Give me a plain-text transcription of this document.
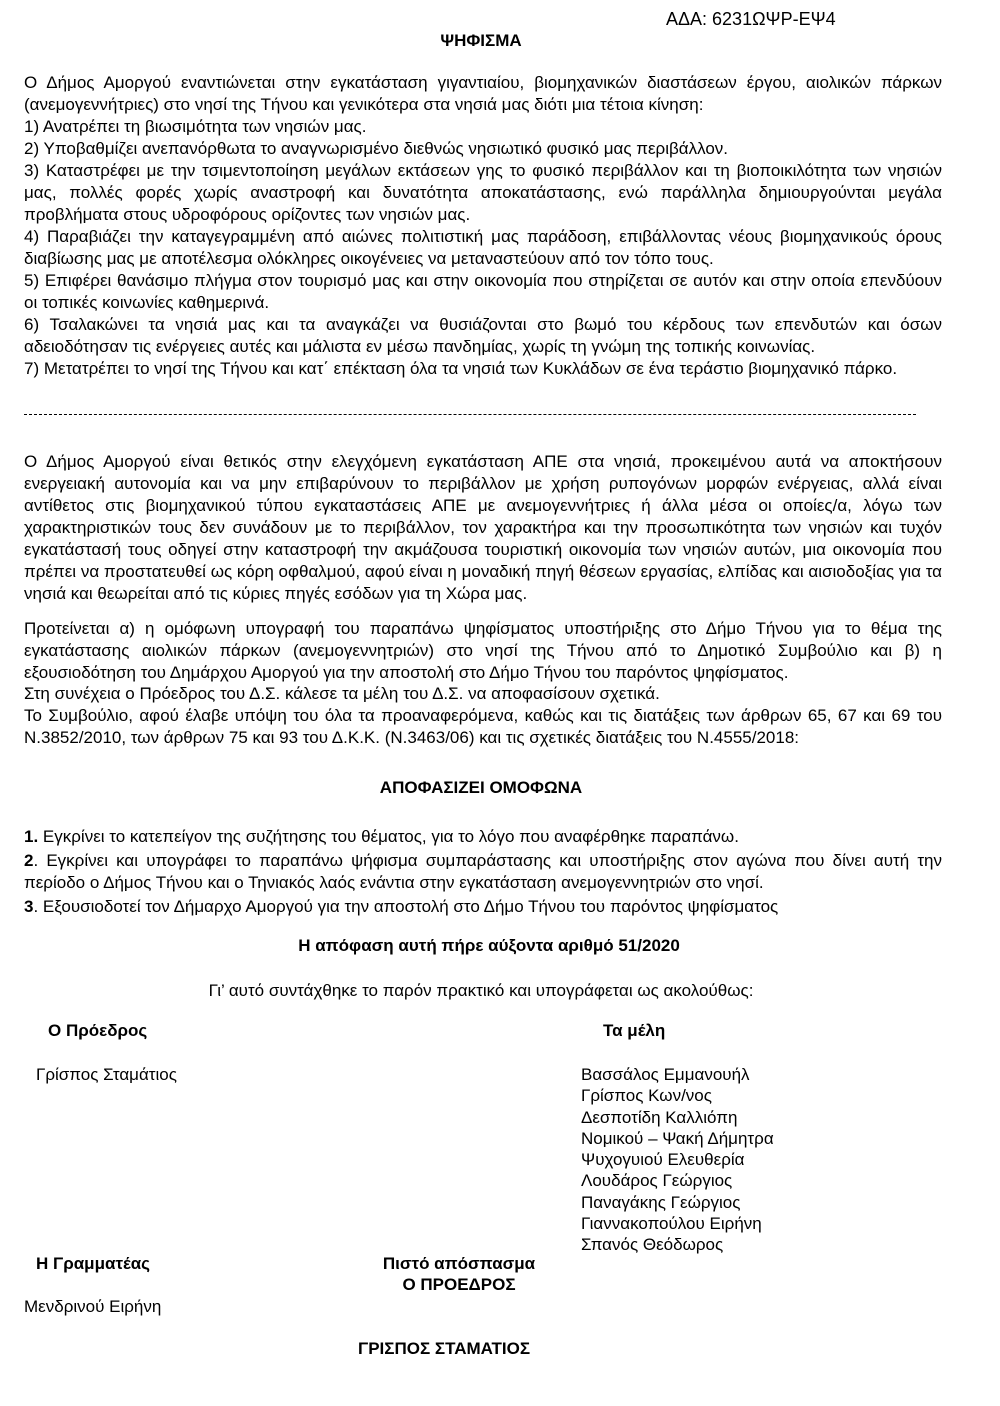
ΑΔΑ: 6231ΩΨΡ-ΕΨ4
ΨΗΦΙΣΜΑ
Ο Δήμος Αμοργού εναντιώνεται στην εγκατάσταση γιγαντιαίου, βιομηχανικών διαστάσεων έργου, αιολικών πάρκων (ανεμογεννήτριες) στο νησί της Τήνου και γενικότερα στα νησιά μας διότι μια τέτοια κίνηση:
1) Ανατρέπει τη βιωσιμότητα των νησιών μας.
2) Υποβαθμίζει ανεπανόρθωτα το αναγνωρισμένο διεθνώς νησιωτικό φυσικό μας περιβάλλον.
3) Καταστρέφει με την τσιμεντοποίηση μεγάλων εκτάσεων γης το φυσικό περιβάλλον και τη βιοποικιλότητα των νησιών μας, πολλές φορές χωρίς αναστροφή και δυνατότητα αποκατάστασης, ενώ παράλληλα δημιουργούνται μεγάλα προβλήματα στους υδροφόρους ορίζοντες των νησιών μας.
4) Παραβιάζει την καταγεγραμμένη από αιώνες πολιτιστική μας παράδοση, επιβάλλοντας νέους βιομηχανικούς όρους διαβίωσης μας με αποτέλεσμα ολόκληρες οικογένειες να μεταναστεύουν από τον τόπο τους.
5) Επιφέρει θανάσιμο πλήγμα στον τουρισμό μας και στην οικονομία που στηρίζεται σε αυτόν και στην οποία επενδύουν οι τοπικές κοινωνίες καθημερινά.
6) Τσαλακώνει τα νησιά μας και τα αναγκάζει να θυσιάζονται στο βωμό του κέρδους των επενδυτών και όσων αδειοδότησαν τις ενέργειες αυτές και μάλιστα εν μέσω πανδημίας, χωρίς τη γνώμη της τοπικής κοινωνίας.
7) Μετατρέπει το νησί της Τήνου και κατ΄ επέκταση όλα τα νησιά των Κυκλάδων σε ένα τεράστιο βιομηχανικό πάρκο.
Ο Δήμος Αμοργού είναι θετικός στην ελεγχόμενη εγκατάσταση ΑΠΕ στα νησιά, προκειμένου αυτά να αποκτήσουν ενεργειακή αυτονομία και να μην επιβαρύνουν το περιβάλλον με χρήση ρυπογόνων μορφών ενέργειας, αλλά είναι αντίθετος στις βιομηχανικού τύπου εγκαταστάσεις ΑΠΕ με ανεμογεννήτριες ή άλλα μέσα οι οποίες/α, λόγω των χαρακτηριστικών τους δεν συνάδουν με το περιβάλλον, τον χαρακτήρα και την προσωπικότητα των νησιών και τυχόν εγκατάστασή τους οδηγεί στην καταστροφή την ακμάζουσα τουριστική οικονομία των νησιών αυτών, μια οικονομία που πρέπει να προστατευθεί ως κόρη οφθαλμού, αφού είναι η μοναδική πηγή θέσεων εργασίας, ελπίδας και αισιοδοξίας για τα νησιά και θεωρείται από τις κύριες πηγές εσόδων για τη Χώρα μας.
Προτείνεται α) η ομόφωνη υπογραφή του παραπάνω ψηφίσματος υποστήριξης στο Δήμο Τήνου για το θέμα της εγκατάστασης αιολικών πάρκων (ανεμογεννητριών) στο νησί της Τήνου από το Δημοτικό Συμβούλιο και β) η εξουσιοδότηση του Δημάρχου Αμοργού για την αποστολή στο Δήμο Τήνου του παρόντος ψηφίσματος.
Στη συνέχεια ο Πρόεδρος του Δ.Σ. κάλεσε τα μέλη του Δ.Σ. να αποφασίσουν σχετικά.
Το Συμβούλιο, αφού έλαβε υπόψη του όλα τα προαναφερόμενα, καθώς και τις διατάξεις των άρθρων 65, 67 και 69 του Ν.3852/2010, των άρθρων 75 και 93 του Δ.Κ.Κ. (Ν.3463/06) και τις σχετικές διατάξεις του Ν.4555/2018:
ΑΠΟΦΑΣΙΖΕΙ ΟΜΟΦΩΝΑ
1. Εγκρίνει το κατεπείγον της συζήτησης του θέματος, για το λόγο που αναφέρθηκε παραπάνω.
2. Εγκρίνει και υπογράφει το παραπάνω ψήφισμα συμπαράστασης και υποστήριξης στον αγώνα που δίνει αυτή την περίοδο ο Δήμος Τήνου και ο Τηνιακός λαός ενάντια στην εγκατάσταση ανεμογεννητριών στο νησί.
3. Εξουσιοδοτεί τον Δήμαρχο Αμοργού για την αποστολή στο Δήμο Τήνου του παρόντος ψηφίσματος
Η απόφαση αυτή πήρε αύξοντα αριθμό 51/2020
Γι’ αυτό συντάχθηκε το παρόν πρακτικό και υπογράφεται ως ακολούθως:
Ο Πρόεδρος	Τα μέλη
Γρίσπος Σταμάτιος	Βασσάλος Εμμανουήλ
Γρίσπος Κων/νος
Δεσποτίδη Καλλιόπη
Νομικού – Ψακή Δήμητρα
Ψυχογυιού Ελευθερία
Λουδάρος Γεώργιος
Παναγάκης Γεώργιος
Γιαννακοπούλου Ειρήνη
Σπανός Θεόδωρος
Η Γραμματέας	Πιστό απόσπασμα
Ο ΠΡΟΕΔΡΟΣ
Μενδρινού Ειρήνη
ΓΡΙΣΠΟΣ ΣΤΑΜΑΤΙΟΣ
